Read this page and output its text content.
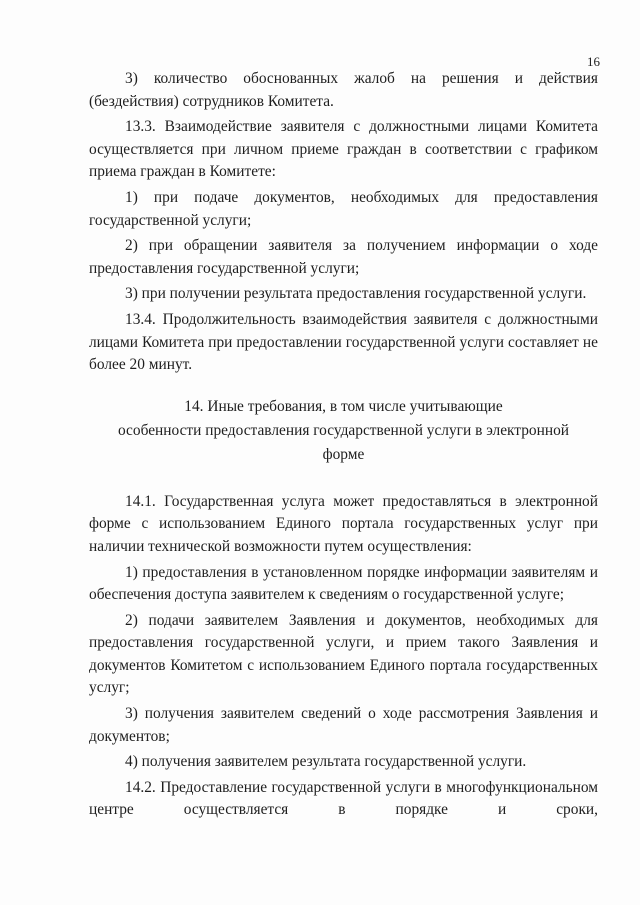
16

3) количество обоснованных жалоб на решения и действия (бездействия) сотрудников Комитета.

13.3. Взаимодействие заявителя с должностными лицами Комитета осуществляется при личном приеме граждан в соответствии с графиком приема граждан в Комитете:

1) при подаче документов, необходимых для предоставления государственной услуги;

2) при обращении заявителя за получением информации о ходе предоставления государственной услуги;

3) при получении результата предоставления государственной услуги.

13.4. Продолжительность взаимодействия заявителя с должностными лицами Комитета при предоставлении государственной услуги составляет не более 20 минут.

14. Иные требования, в том числе учитывающие
особенности предоставления государственной услуги в электронной
форме

14.1. Государственная услуга может предоставляться в электронной форме с использованием Единого портала государственных услуг при наличии технической возможности путем осуществления:

1) предоставления в установленном порядке информации заявителям и обеспечения доступа заявителем к сведениям о государственной услуге;

2) подачи заявителем Заявления и документов, необходимых для предоставления государственной услуги, и прием такого Заявления и документов Комитетом с использованием Единого портала государственных услуг;

3) получения заявителем сведений о ходе рассмотрения Заявления и документов;

4) получения заявителем результата государственной услуги.

14.2. Предоставление государственной услуги в многофункциональном центре осуществляется в порядке и сроки,
